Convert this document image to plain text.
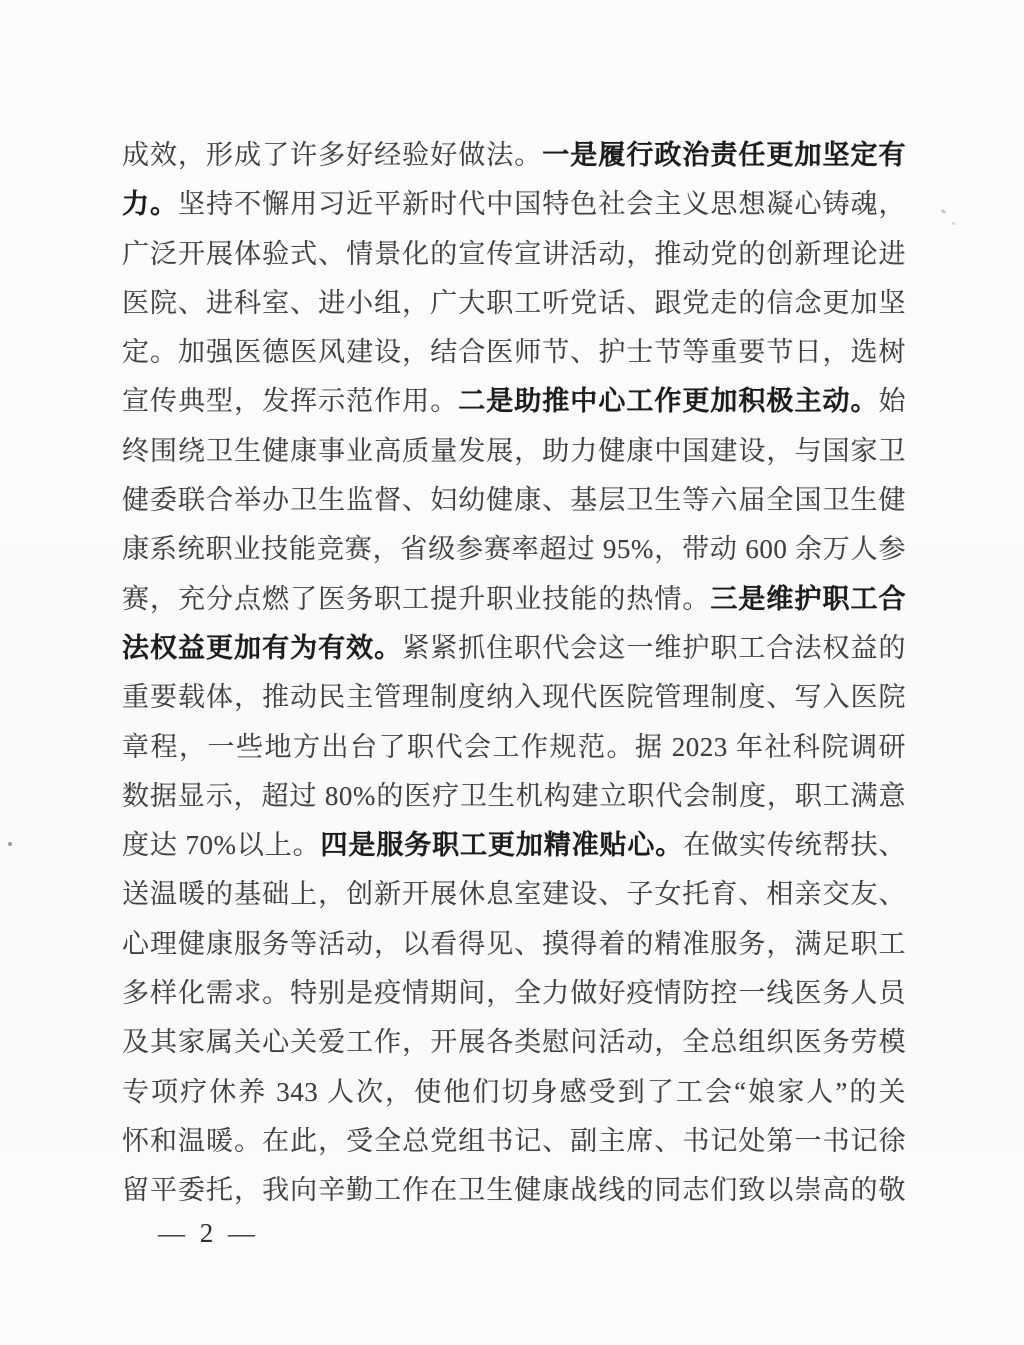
成效，形成了许多好经验好做法。一是履行政治责任更加坚定有
力。坚持不懈用习近平新时代中国特色社会主义思想凝心铸魂，
广泛开展体验式、情景化的宣传宣讲活动，推动党的创新理论进
医院、进科室、进小组，广大职工听党话、跟党走的信念更加坚
定。加强医德医风建设，结合医师节、护士节等重要节日，选树
宣传典型，发挥示范作用。二是助推中心工作更加积极主动。始
终围绕卫生健康事业高质量发展，助力健康中国建设，与国家卫
健委联合举办卫生监督、妇幼健康、基层卫生等六届全国卫生健
康系统职业技能竞赛，省级参赛率超过 95%，带动 600 余万人参
赛，充分点燃了医务职工提升职业技能的热情。三是维护职工合
法权益更加有为有效。紧紧抓住职代会这一维护职工合法权益的
重要载体，推动民主管理制度纳入现代医院管理制度、写入医院
章程，一些地方出台了职代会工作规范。据 2023 年社科院调研
数据显示，超过 80%的医疗卫生机构建立职代会制度，职工满意
度达 70%以上。四是服务职工更加精准贴心。在做实传统帮扶、
送温暖的基础上，创新开展休息室建设、子女托育、相亲交友、
心理健康服务等活动，以看得见、摸得着的精准服务，满足职工
多样化需求。特别是疫情期间，全力做好疫情防控一线医务人员
及其家属关心关爱工作，开展各类慰问活动，全总组织医务劳模
专项疗休养 343 人次，使他们切身感受到了工会“娘家人”的关
怀和温暖。在此，受全总党组书记、副主席、书记处第一书记徐
留平委托，我向辛勤工作在卫生健康战线的同志们致以崇高的敬
— 2 —
